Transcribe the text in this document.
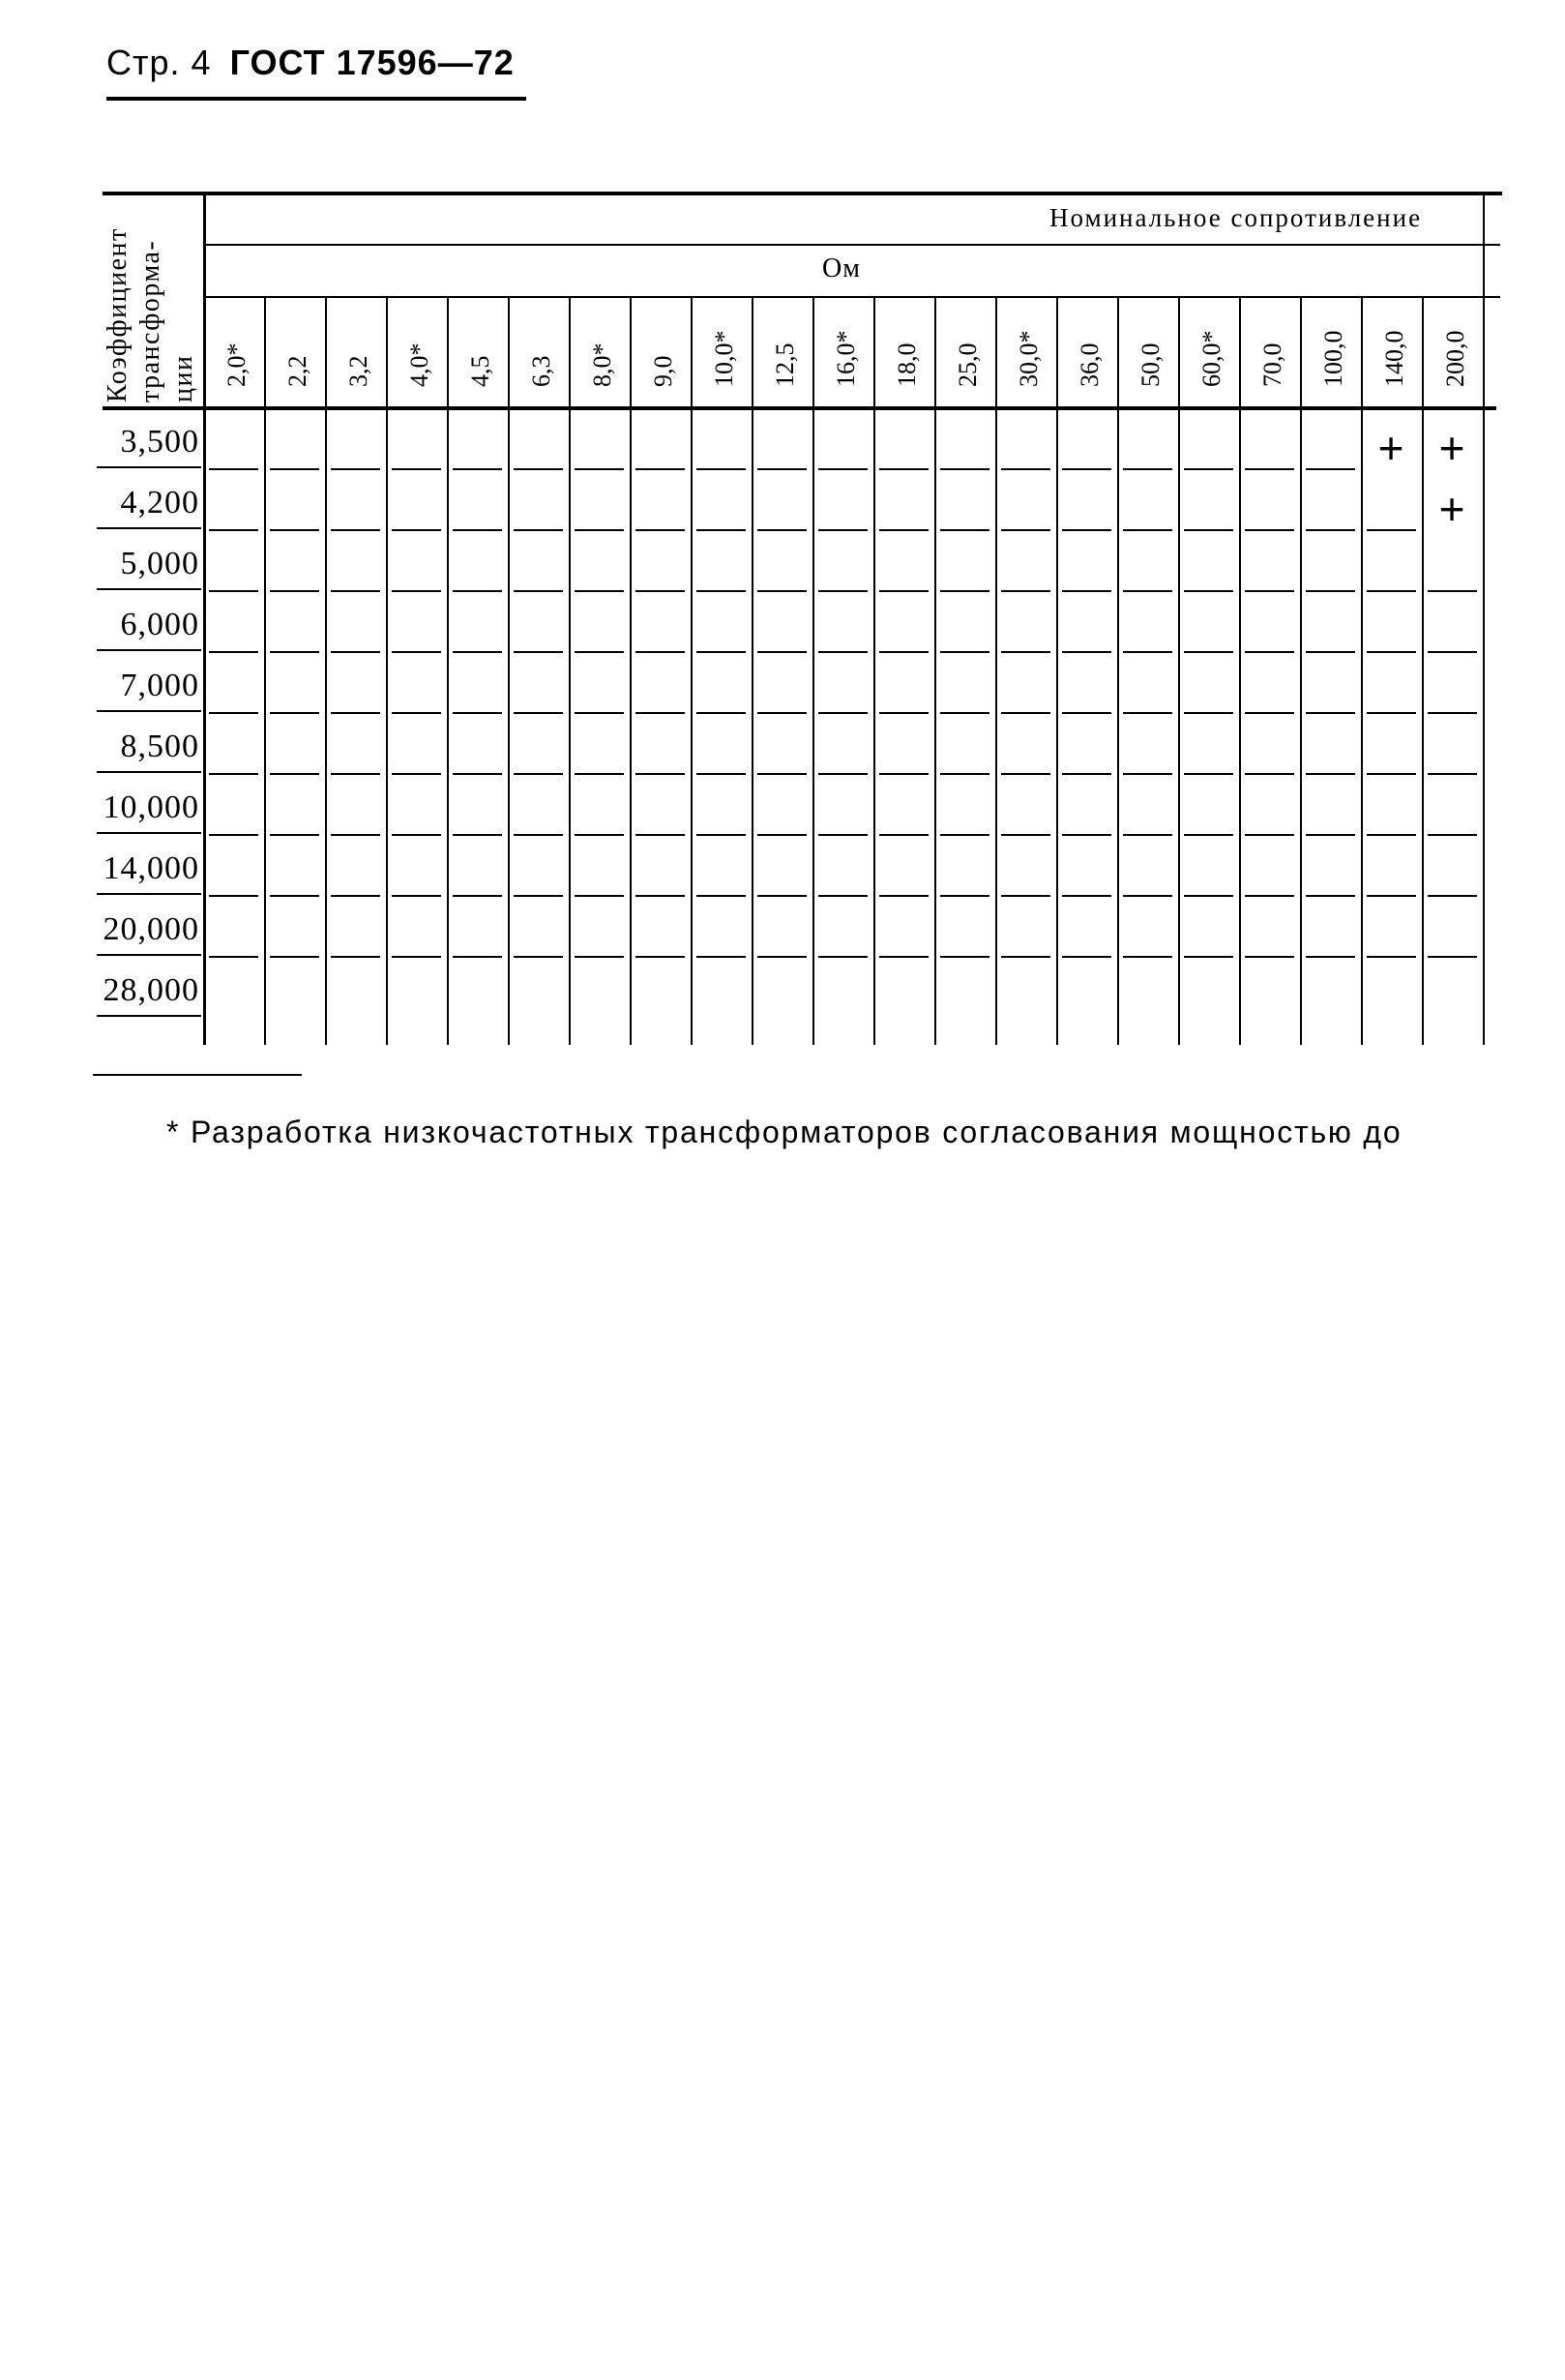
Стр. 4 ГОСТ 17596—72
Номинальное сопротивление
Ом
Коэффициент трансформа- ции 2,0* 2,2 3,2 4,0* 4,5 6,3 8,0* 9,0 10,0* 12,5 16,0* 18,0 25,0 30,0* 36,0 50,0 60,0* 70,0 100,0 140,0 200,0
3,500	+ +
4,200	+
5,000
6,000
7,000
8,500
10,000
14,000
20,000
28,000
* Разработка низкочастотных трансформаторов согласования мощностью до
